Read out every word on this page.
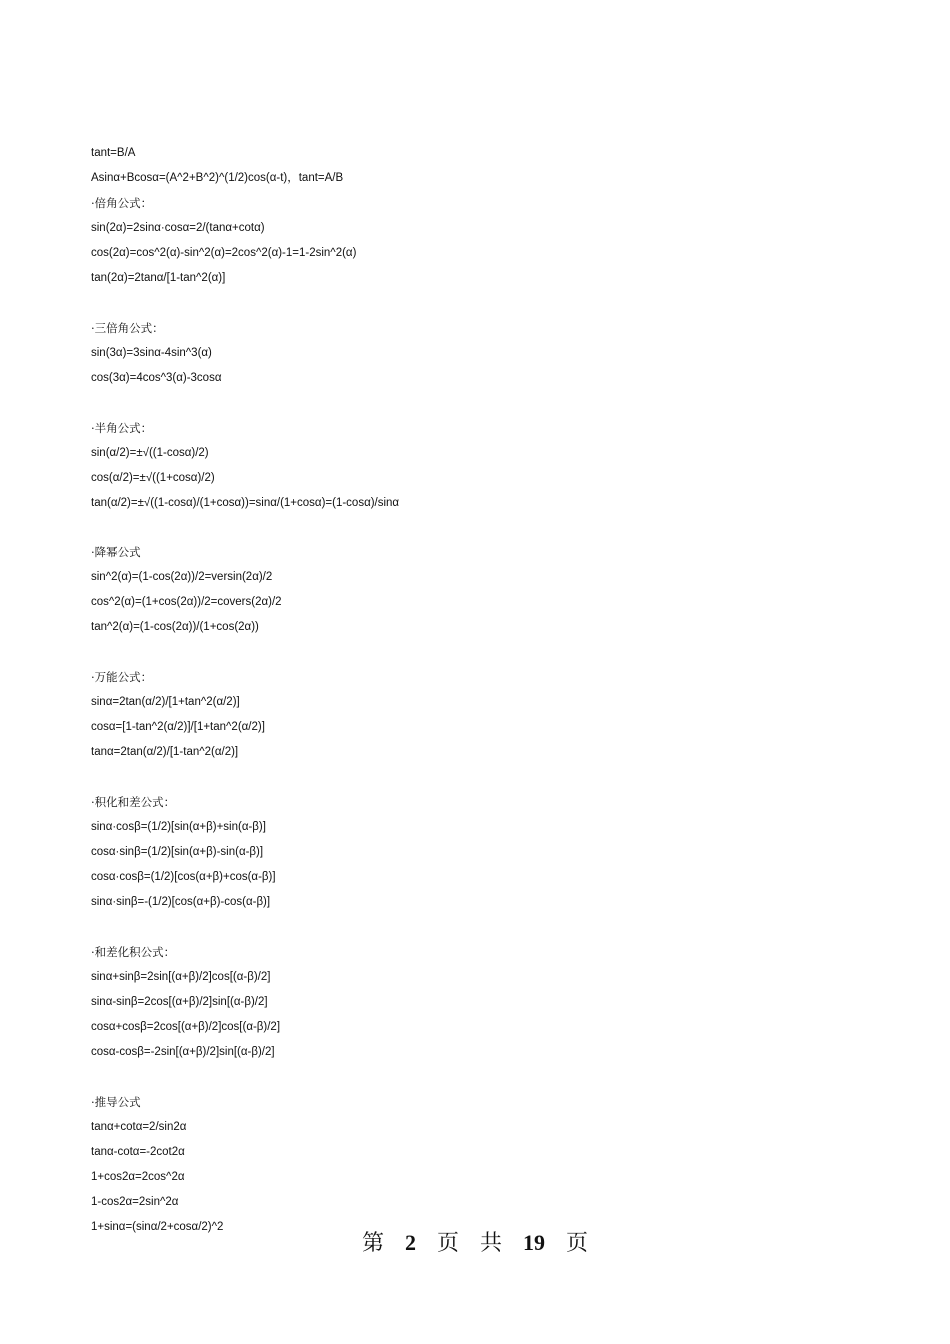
tant=B/A
Asinα+Bcosα=(A^2+B^2)^(1/2)cos(α-t)，tant=A/B
·倍角公式：
sin(2α)=2sinα·cosα=2/(tanα+cotα)
cos(2α)=cos^2(α)-sin^2(α)=2cos^2(α)-1=1-2sin^2(α)
tan(2α)=2tanα/[1-tan^2(α)]
·三倍角公式：
sin(3α)=3sinα-4sin^3(α)
cos(3α)=4cos^3(α)-3cosα
·半角公式：
sin(α/2)=±√((1-cosα)/2)
cos(α/2)=±√((1+cosα)/2)
tan(α/2)=±√((1-cosα)/(1+cosα))=sinα/(1+cosα)=(1-cosα)/sinα
·降幂公式
sin^2(α)=(1-cos(2α))/2=versin(2α)/2
cos^2(α)=(1+cos(2α))/2=covers(2α)/2
tan^2(α)=(1-cos(2α))/(1+cos(2α))
·万能公式：
sinα=2tan(α/2)/[1+tan^2(α/2)]
cosα=[1-tan^2(α/2)]/[1+tan^2(α/2)]
tanα=2tan(α/2)/[1-tan^2(α/2)]
·积化和差公式：
sinα·cosβ=(1/2)[sin(α+β)+sin(α-β)]
cosα·sinβ=(1/2)[sin(α+β)-sin(α-β)]
cosα·cosβ=(1/2)[cos(α+β)+cos(α-β)]
sinα·sinβ=-(1/2)[cos(α+β)-cos(α-β)]
·和差化积公式：
sinα+sinβ=2sin[(α+β)/2]cos[(α-β)/2]
sinα-sinβ=2cos[(α+β)/2]sin[(α-β)/2]
cosα+cosβ=2cos[(α+β)/2]cos[(α-β)/2]
cosα-cosβ=-2sin[(α+β)/2]sin[(α-β)/2]
·推导公式
tanα+cotα=2/sin2α
tanα-cotα=-2cot2α
1+cos2α=2cos^2α
1-cos2α=2sin^2α
1+sinα=(sinα/2+cosα/2)^2
第 2 页 共 19 页
